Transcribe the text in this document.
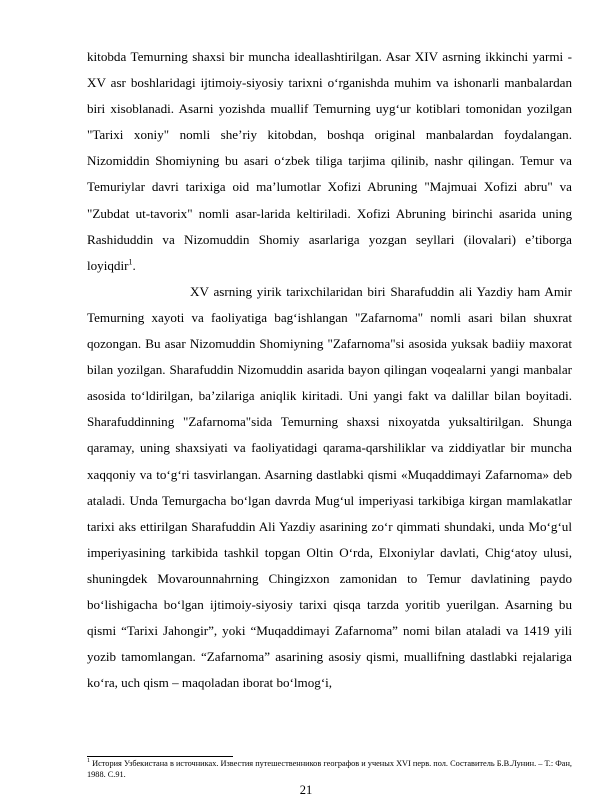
kitobda Temurning shaxsi bir muncha ideallashtirilgan. Asar XIV asrning ikkinchi yarmi - XV asr boshlaridagi ijtimoiy-siyosiy tarixni o‘rganishda muhim va ishonarli manbalardan biri xisoblanadi. Asarni yozishda muallif Temurning uyg‘ur kotiblari tomonidan yozilgan "Tarixi xoniy" nomli she’riy kitobdan, boshqa original manbalardan foydalangan. Nizomiddin Shomiyning bu asari o‘zbek tiliga tarjima qilinib, nashr qilingan. Temur va Temuriylar davri tarixiga oid ma’lumotlar Xofizi Abruning "Majmuai Xofizi abru" va "Zubdat ut-tavorix" nomli asar-larida keltiriladi. Xofizi Abruning birinchi asarida uning Rashiduddin va Nizomuddin Shomiy asarlariga yozgan seyllari (ilovalari) e’tiborga loyiqdir$^1$.

XV asrning yirik tarixchilaridan biri Sharafuddin ali Yazdiy ham Amir Temurning xayoti va faoliyatiga bag‘ishlangan "Zafarnoma" nomli asari bilan shuxrat qozongan. Bu asar Nizomuddin Shomiyning "Zafarnoma"si asosida yuksak badiiy maxorat bilan yozilgan. Sharafuddin Nizomuddin asarida bayon qilingan voqealarni yangi manbalar asosida to‘ldirilgan, ba’zilariga aniqlik kiritadi. Uni yangi fakt va dalillar bilan boyitadi. Sharafuddinning "Zafarnoma"sida Temurning shaxsi nixoyatda yuksaltirilgan. Shunga qaramay, uning shaxsiyati va faoliyatidagi qarama-qarshiliklar va ziddiyatlar bir muncha xaqqoniy va to‘g‘ri tasvirlangan. Asarning dastlabki qismi «Muqaddimayi Zafarnoma» deb ataladi. Unda Temurgacha bo‘lgan davrda Mug‘ul imperiyasi tarkibiga kirgan mamlakatlar tarixi aks ettirilgan Sharafuddin Ali Yazdiy asarining zo‘r qimmati shundaki, unda Mo‘g‘ul imperiyasining tarkibida tashkil topgan Oltin O‘rda, Elxoniylar davlati, Chig‘atoy ulusi, shuningdek Movarounnahrning Chingizxon zamonidan to Temur davlatining paydo bo‘lishigacha bo‘lgan ijtimoiy-siyosiy tarixi qisqa tarzda yoritib yuerilgan. Asarning bu qismi “Tarixi Jahongir”, yoki “Muqaddimayi Zafarnoma” nomi bilan ataladi va 1419 yili yozib tamomlangan. “Zafarnoma” asarining asosiy qismi, muallifning dastlabki rejalariga ko‘ra, uch qism – maqoladan iborat bo‘lmog‘i,

$^1$ История Узбекистана в источниках. Известия путешественников географов и ученых XVI перв. пол. Составитель Б.В.Лунин. – Т.: Фан, 1988. С.91.
21
